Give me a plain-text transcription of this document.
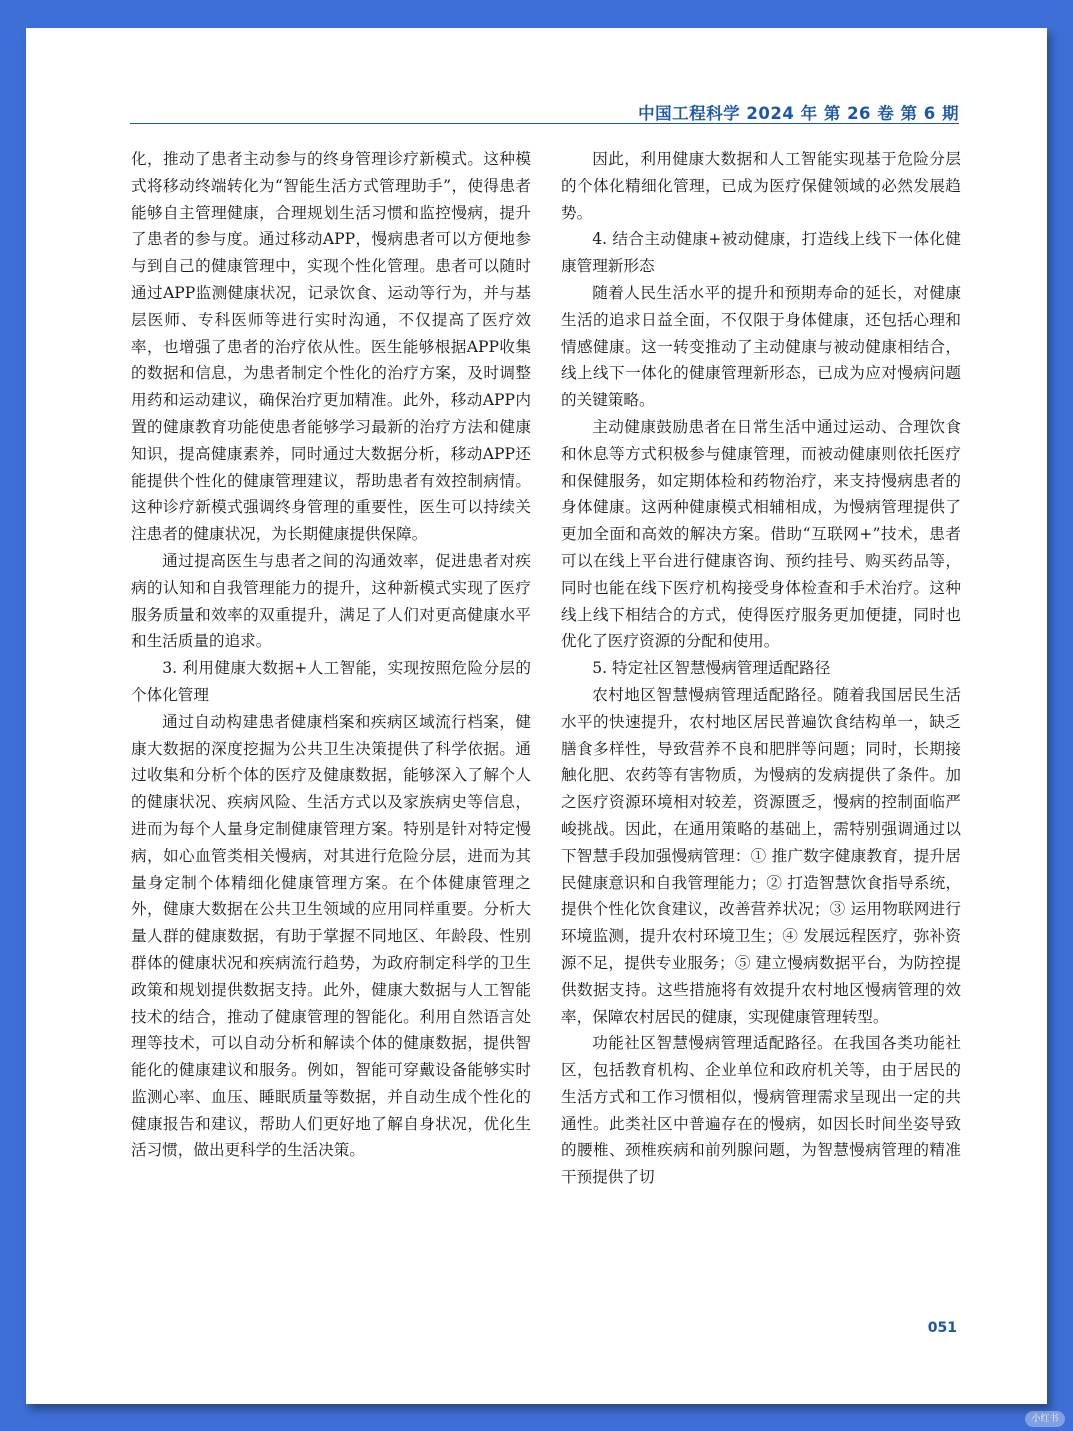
中国工程科学 2024 年 第 26 卷 第 6 期

化，推动了患者主动参与的终身管理诊疗新模式。这种模式将移动终端转化为“智能生活方式管理助手”，使得患者能够自主管理健康，合理规划生活习惯和监控慢病，提升了患者的参与度。通过移动APP，慢病患者可以方便地参与到自己的健康管理中，实现个性化管理。患者可以随时通过APP监测健康状况，记录饮食、运动等行为，并与基层医师、专科医师等进行实时沟通，不仅提高了医疗效率，也增强了患者的治疗依从性。医生能够根据APP收集的数据和信息，为患者制定个性化的治疗方案，及时调整用药和运动建议，确保治疗更加精准。此外，移动APP内置的健康教育功能使患者能够学习最新的治疗方法和健康知识，提高健康素养，同时通过大数据分析，移动APP还能提供个性化的健康管理建议，帮助患者有效控制病情。这种诊疗新模式强调终身管理的重要性，医生可以持续关注患者的健康状况，为长期健康提供保障。

通过提高医生与患者之间的沟通效率，促进患者对疾病的认知和自我管理能力的提升，这种新模式实现了医疗服务质量和效率的双重提升，满足了人们对更高健康水平和生活质量的追求。

3. 利用健康大数据+人工智能，实现按照危险分层的个体化管理

通过自动构建患者健康档案和疾病区域流行档案，健康大数据的深度挖掘为公共卫生决策提供了科学依据。通过收集和分析个体的医疗及健康数据，能够深入了解个人的健康状况、疾病风险、生活方式以及家族病史等信息，进而为每个人量身定制健康管理方案。特别是针对特定慢病，如心血管类相关慢病，对其进行危险分层，进而为其量身定制个体精细化健康管理方案。在个体健康管理之外，健康大数据在公共卫生领域的应用同样重要。分析大量人群的健康数据，有助于掌握不同地区、年龄段、性别群体的健康状况和疾病流行趋势，为政府制定科学的卫生政策和规划提供数据支持。此外，健康大数据与人工智能技术的结合，推动了健康管理的智能化。利用自然语言处理等技术，可以自动分析和解读个体的健康数据，提供智能化的健康建议和服务。例如，智能可穿戴设备能够实时监测心率、血压、睡眠质量等数据，并自动生成个性化的健康报告和建议，帮助人们更好地了解自身状况，优化生活习惯，做出更科学的生活决策。

因此，利用健康大数据和人工智能实现基于危险分层的个体化精细化管理，已成为医疗保健领域的必然发展趋势。

4. 结合主动健康+被动健康，打造线上线下一体化健康管理新形态

随着人民生活水平的提升和预期寿命的延长，对健康生活的追求日益全面，不仅限于身体健康，还包括心理和情感健康。这一转变推动了主动健康与被动健康相结合，线上线下一体化的健康管理新形态，已成为应对慢病问题的关键策略。

主动健康鼓励患者在日常生活中通过运动、合理饮食和休息等方式积极参与健康管理，而被动健康则依托医疗和保健服务，如定期体检和药物治疗，来支持慢病患者的身体健康。这两种健康模式相辅相成，为慢病管理提供了更加全面和高效的解决方案。借助“互联网+”技术，患者可以在线上平台进行健康咨询、预约挂号、购买药品等，同时也能在线下医疗机构接受身体检查和手术治疗。这种线上线下相结合的方式，使得医疗服务更加便捷，同时也优化了医疗资源的分配和使用。

5. 特定社区智慧慢病管理适配路径

农村地区智慧慢病管理适配路径。随着我国居民生活水平的快速提升，农村地区居民普遍饮食结构单一，缺乏膳食多样性，导致营养不良和肥胖等问题；同时，长期接触化肥、农药等有害物质，为慢病的发病提供了条件。加之医疗资源环境相对较差，资源匮乏，慢病的控制面临严峻挑战。因此，在通用策略的基础上，需特别强调通过以下智慧手段加强慢病管理：① 推广数字健康教育，提升居民健康意识和自我管理能力；② 打造智慧饮食指导系统，提供个性化饮食建议，改善营养状况；③ 运用物联网进行环境监测，提升农村环境卫生；④ 发展远程医疗，弥补资源不足，提供专业服务；⑤ 建立慢病数据平台，为防控提供数据支持。这些措施将有效提升农村地区慢病管理的效率，保障农村居民的健康，实现健康管理转型。

功能社区智慧慢病管理适配路径。在我国各类功能社区，包括教育机构、企业单位和政府机关等，由于居民的生活方式和工作习惯相似，慢病管理需求呈现出一定的共通性。此类社区中普遍存在的慢病，如因长时间坐姿导致的腰椎、颈椎疾病和前列腺问题，为智慧慢病管理的精准干预提供了切

051
小红书
